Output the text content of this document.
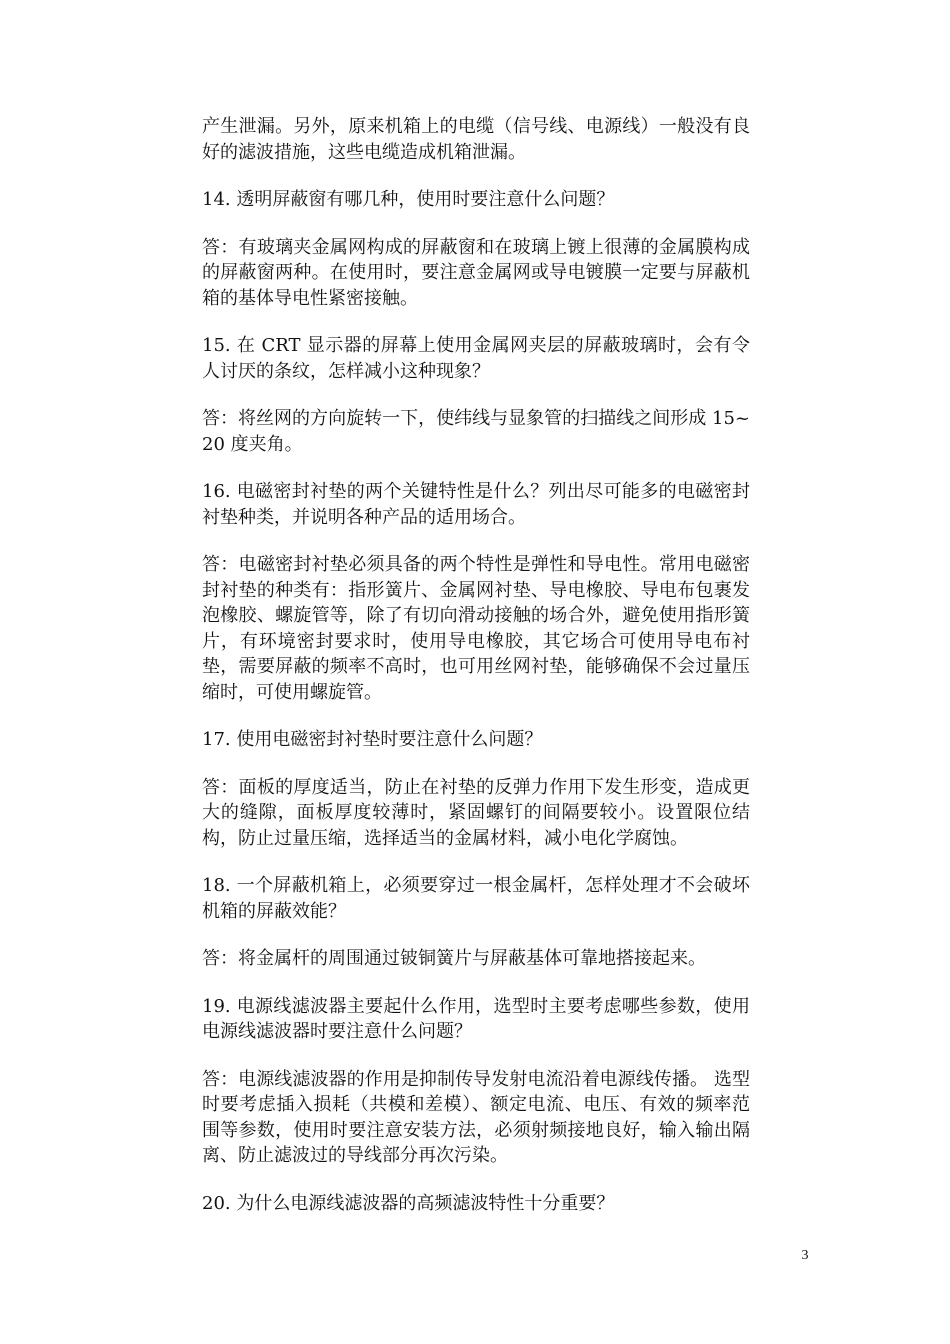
产生泄漏。另外，原来机箱上的电缆（信号线、电源线）一般没有良好的滤波措施，这些电缆造成机箱泄漏。

14. 透明屏蔽窗有哪几种，使用时要注意什么问题？

答：有玻璃夹金属网构成的屏蔽窗和在玻璃上镀上很薄的金属膜构成的屏蔽窗两种。在使用时，要注意金属网或导电镀膜一定要与屏蔽机箱的基体导电性紧密接触。

15. 在 CRT 显示器的屏幕上使用金属网夹层的屏蔽玻璃时，会有令人讨厌的条纹，怎样减小这种现象？

答：将丝网的方向旋转一下，使纬线与显象管的扫描线之间形成 15~20 度夹角。

16. 电磁密封衬垫的两个关键特性是什么？列出尽可能多的电磁密封衬垫种类，并说明各种产品的适用场合。

答：电磁密封衬垫必须具备的两个特性是弹性和导电性。常用电磁密封衬垫的种类有：指形簧片、金属网衬垫、导电橡胶、导电布包裹发泡橡胶、螺旋管等，除了有切向滑动接触的场合外，避免使用指形簧片，有环境密封要求时，使用导电橡胶，其它场合可使用导电布衬垫，需要屏蔽的频率不高时，也可用丝网衬垫，能够确保不会过量压缩时，可使用螺旋管。

17. 使用电磁密封衬垫时要注意什么问题？

答：面板的厚度适当，防止在衬垫的反弹力作用下发生形变，造成更大的缝隙，面板厚度较薄时，紧固螺钉的间隔要较小。设置限位结构，防止过量压缩，选择适当的金属材料，减小电化学腐蚀。

18. 一个屏蔽机箱上，必须要穿过一根金属杆，怎样处理才不会破坏机箱的屏蔽效能？

答：将金属杆的周围通过铍铜簧片与屏蔽基体可靠地搭接起来。

19. 电源线滤波器主要起什么作用，选型时主要考虑哪些参数，使用电源线滤波器时要注意什么问题？

答：电源线滤波器的作用是抑制传导发射电流沿着电源线传播。 选型时要考虑插入损耗（共模和差模）、额定电流、电压、有效的频率范围等参数，使用时要注意安装方法，必须射频接地良好，输入输出隔离、防止滤波过的导线部分再次污染。

20. 为什么电源线滤波器的高频滤波特性十分重要？

3
